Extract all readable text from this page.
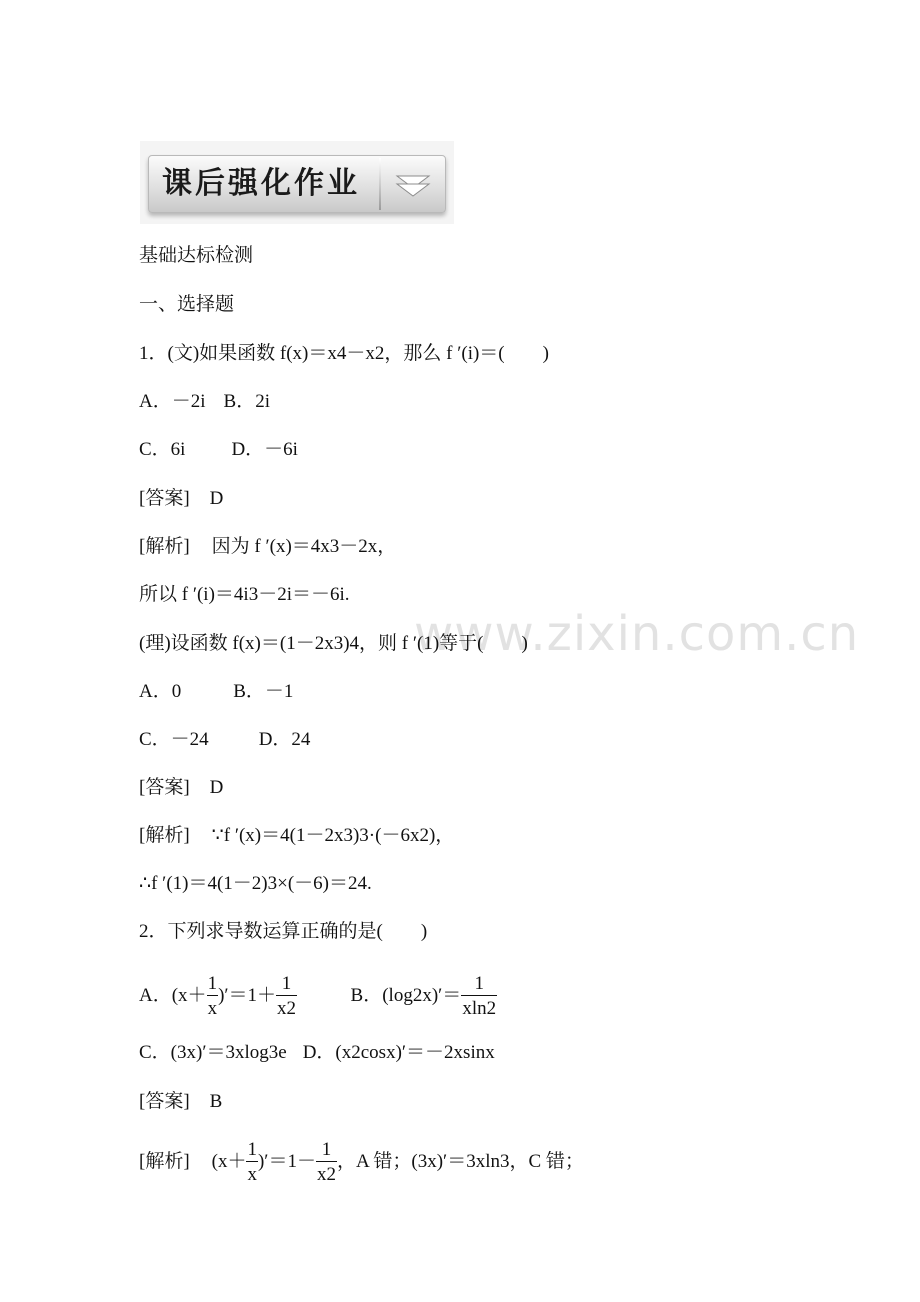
课后强化作业
www.zixin.com.cn
基础达标检测
一、选择题
1．(文)如果函数 f(x)＝x4－x2，那么 f ′(i)＝(　　)
A．－2i B．2i
C．6i D．－6i
[答案] D
[解析] 因为 f ′(x)＝4x3－2x，
所以 f ′(i)＝4i3－2i＝－6i.
(理)设函数 f(x)＝(1－2x3)4，则 f ′(1)等于(　　)
A．0	B．－1
C．－24	D．24
[答案] D
[解析] ∵f ′(x)＝4(1－2x3)3·(－6x2)，
∴f ′(1)＝4(1－2)3×(－6)＝24.
2．下列求导数运算正确的是(　　)
A．$(x+ \frac{1}{x} )'=1+ \frac{1}{x2}$	B．$(\log 2x)'= \frac{1}{xln2}$
C．(3x)′＝3xlog3e D．(x2cosx)′＝－2xsinx
[答案] B
[解析] $(x+ \frac{1}{x} )'=1- \frac{1}{x2}$ ，A 错；(3x)′＝3xln3，C 错；
